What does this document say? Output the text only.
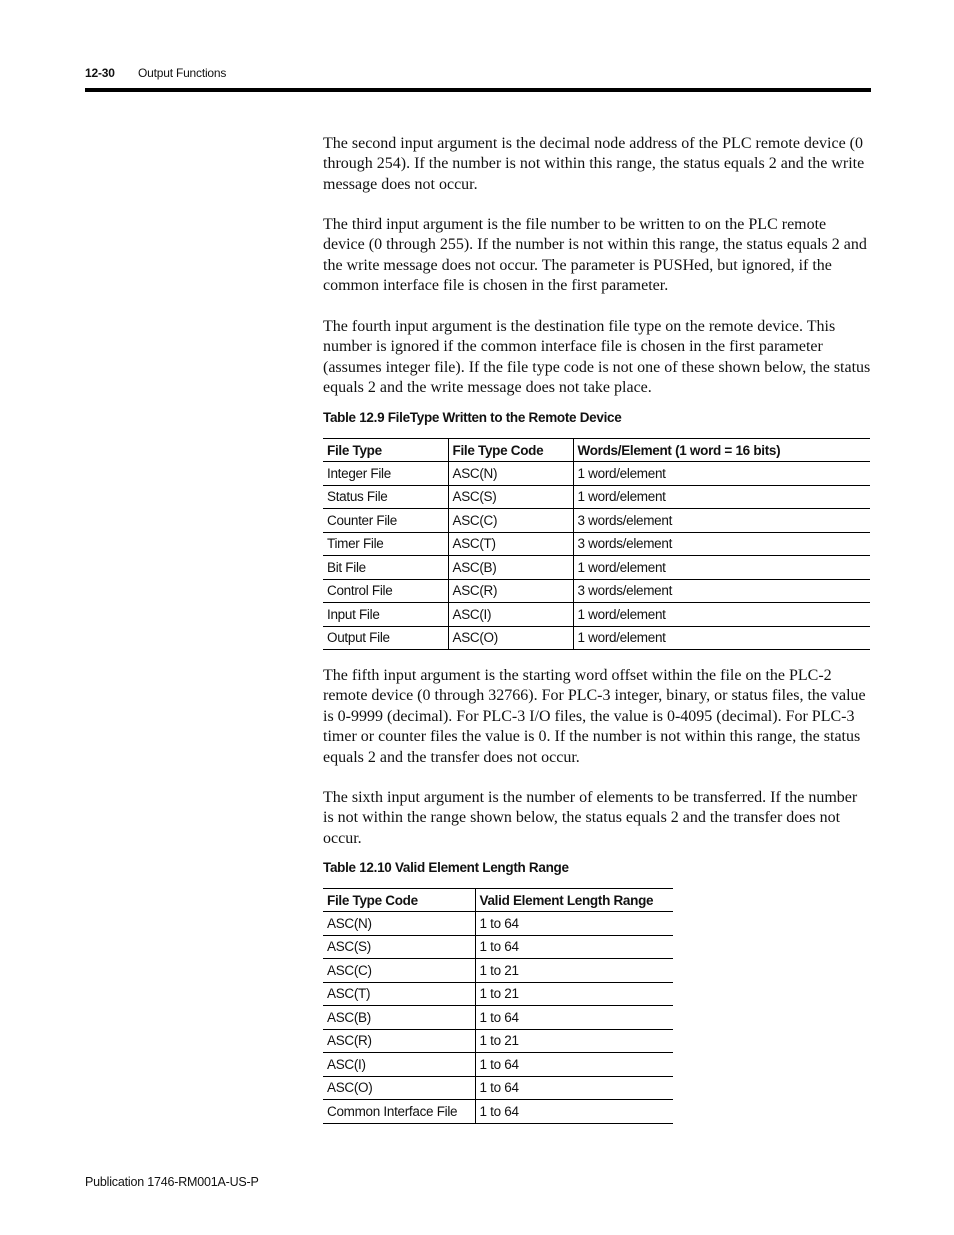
12-30 Output Functions

The second input argument is the decimal node address of the PLC remote device (0 through 254). If the number is not within this range, the status equals 2 and the write message does not occur.

The third input argument is the file number to be written to on the PLC remote device (0 through 255). If the number is not within this range, the status equals 2 and the write message does not occur. The parameter is PUSHed, but ignored, if the common interface file is chosen in the first parameter.

The fourth input argument is the destination file type on the remote device. This number is ignored if the common interface file is chosen in the first parameter (assumes integer file). If the file type code is not one of these shown below, the status equals 2 and the write message does not take place.

Table 12.9 FileType Written to the Remote Device
File Type	File Type Code	Words/Element (1 word = 16 bits)
Integer File	ASC(N)	1 word/element
Status File	ASC(S)	1 word/element
Counter File	ASC(C)	3 words/element
Timer File	ASC(T)	3 words/element
Bit File	ASC(B)	1 word/element
Control File	ASC(R)	3 words/element
Input File	ASC(I)	1 word/element
Output File	ASC(O)	1 word/element

The fifth input argument is the starting word offset within the file on the PLC-2 remote device (0 through 32766). For PLC-3 integer, binary, or status files, the value is 0-9999 (decimal). For PLC-3 I/O files, the value is 0-4095 (decimal). For PLC-3 timer or counter files the value is 0. If the number is not within this range, the status equals 2 and the transfer does not occur.

The sixth input argument is the number of elements to be transferred. If the number is not within the range shown below, the status equals 2 and the transfer does not occur.

Table 12.10 Valid Element Length Range
File Type Code	Valid Element Length Range
ASC(N)	1 to 64
ASC(S)	1 to 64
ASC(C)	1 to 21
ASC(T)	1 to 21
ASC(B)	1 to 64
ASC(R)	1 to 21
ASC(I)	1 to 64
ASC(O)	1 to 64
Common Interface File	1 to 64
Publication 1746-RM001A-US-P
